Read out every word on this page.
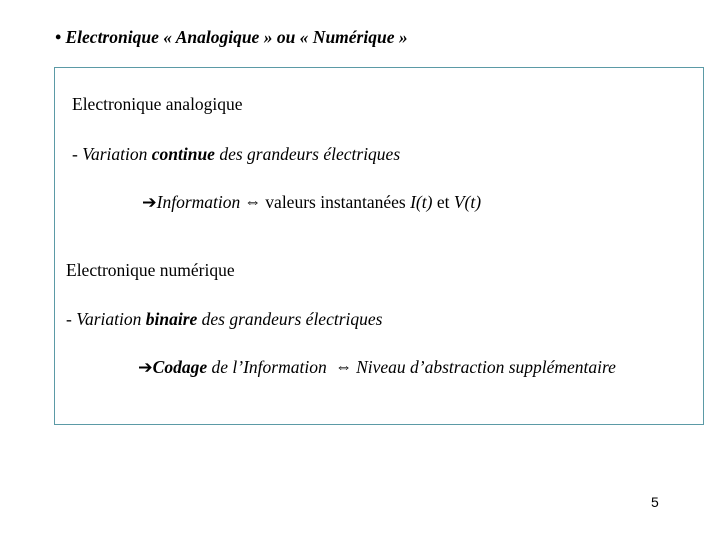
• Electronique « Analogique » ou « Numérique »
Electronique analogique
- Variation continue des grandeurs électriques
➔Information ⇔ valeurs instantanées I(t) et V(t)
Electronique numérique
- Variation binaire des grandeurs électriques
➔Codage de l’Information ⇔ Niveau d’abstraction supplémentaire
5
